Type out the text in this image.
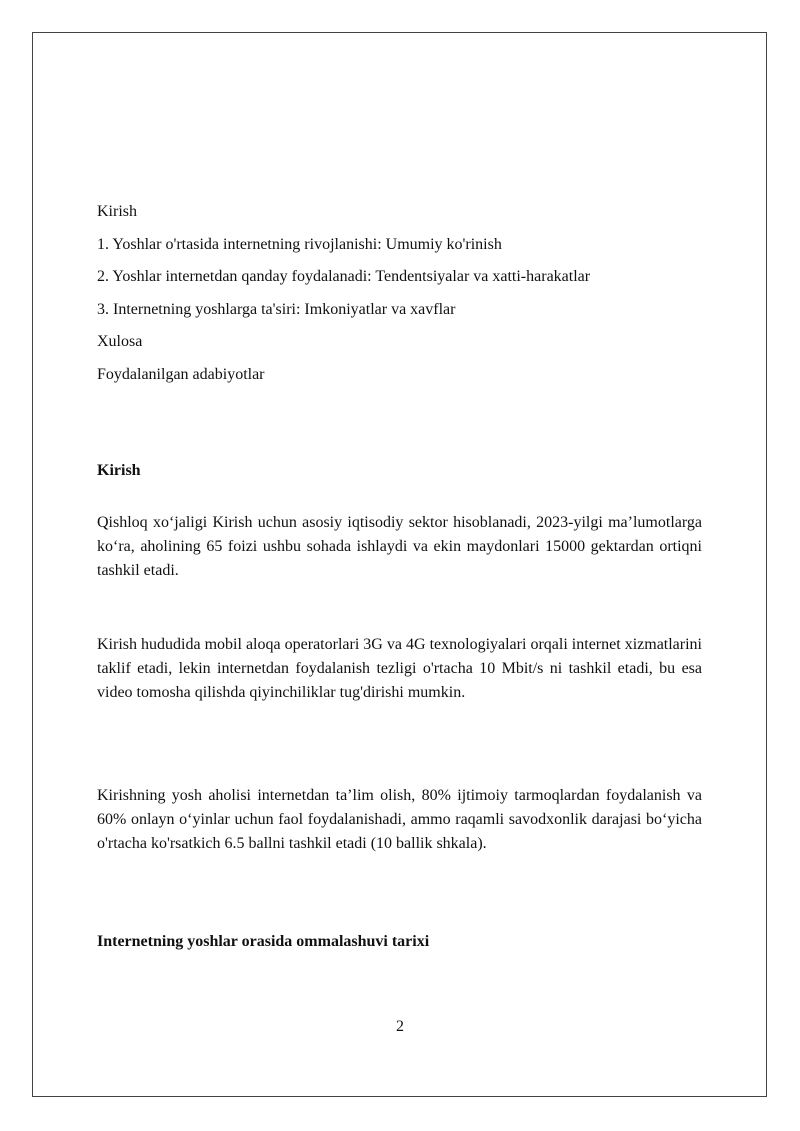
Kirish
1. Yoshlar o'rtasida internetning rivojlanishi: Umumiy ko'rinish
2. Yoshlar internetdan qanday foydalanadi: Tendentsiyalar va xatti-harakatlar
3. Internetning yoshlarga ta'siri: Imkoniyatlar va xavflar
Xulosa
Foydalanilgan adabiyotlar
Kirish

Qishloq xo‘jaligi Kirish uchun asosiy iqtisodiy sektor hisoblanadi, 2023-yilgi ma’lumotlarga ko‘ra, aholining 65 foizi ushbu sohada ishlaydi va ekin maydonlari 15000 gektardan ortiqni tashkil etadi.

Kirish hududida mobil aloqa operatorlari 3G va 4G texnologiyalari orqali internet xizmatlarini taklif etadi, lekin internetdan foydalanish tezligi o'rtacha 10 Mbit/s ni tashkil etadi, bu esa video tomosha qilishda qiyinchiliklar tug'dirishi mumkin.

Kirishning yosh aholisi internetdan ta’lim olish, 80% ijtimoiy tarmoqlardan foydalanish va 60% onlayn o‘yinlar uchun faol foydalanishadi, ammo raqamli savodxonlik darajasi bo‘yicha o'rtacha ko'rsatkich 6.5 ballni tashkil etadi (10 ballik shkala).

Internetning yoshlar orasida ommalashuvi tarixi
2
